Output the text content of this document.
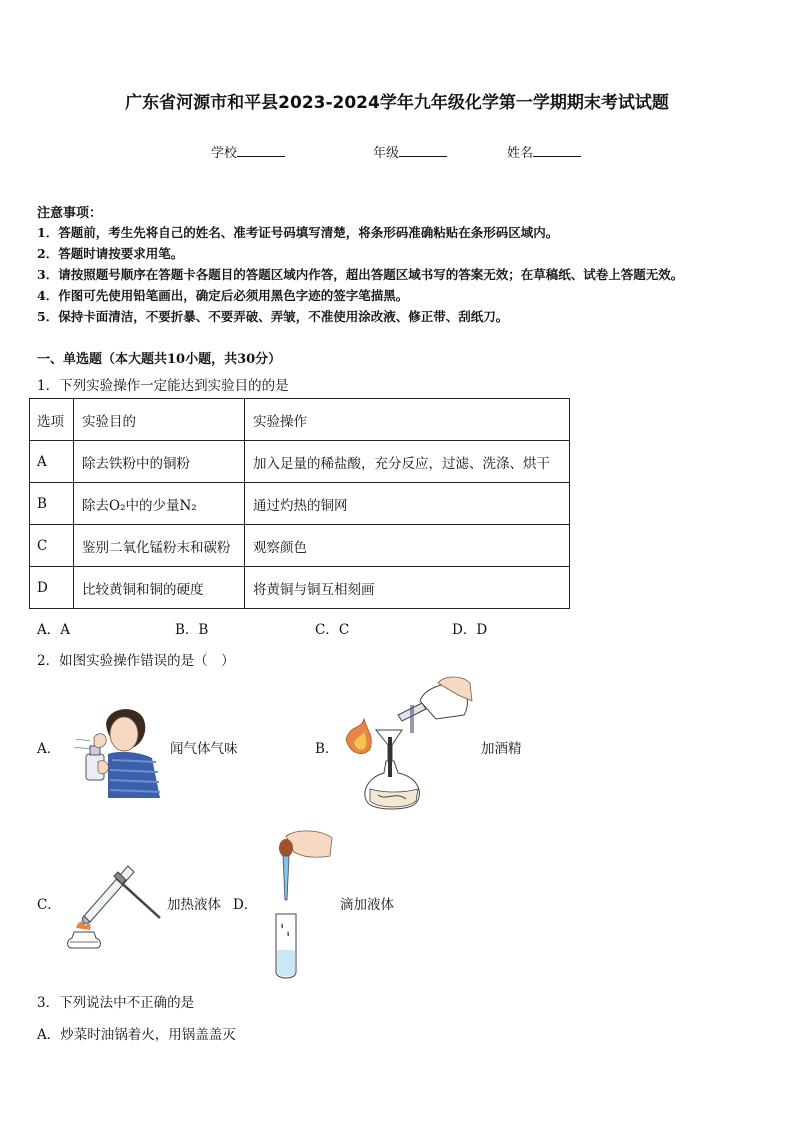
广东省河源市和平县2023-2024学年九年级化学第一学期期末考试试题
学校	年级	姓名
注意事项：
1．答题前，考生先将自己的姓名、准考证号码填写清楚，将条形码准确粘贴在条形码区域内。
2．答题时请按要求用笔。
3．请按照题号顺序在答题卡各题目的答题区域内作答，超出答题区域书写的答案无效；在草稿纸、试卷上答题无效。
4．作图可先使用铅笔画出，确定后必须用黑色字迹的签字笔描黑。
5．保持卡面清洁，不要折暴、不要弄破、弄皱，不准使用涂改液、修正带、刮纸刀。
一、单选题（本大题共10小题，共30分）
1．下列实验操作一定能达到实验目的的是
选项	实验目的	实验操作
A	除去铁粉中的铜粉	加入足量的稀盐酸，充分反应，过滤、洗涤、烘干
B	除去O₂中的少量N₂	通过灼热的铜网
C	鉴别二氧化锰粉末和碳粉	观察颜色
D	比较黄铜和铜的硬度	将黄铜与铜互相刻画
A．A	B．B	C．C	D．D
2．如图实验操作错误的是（　）
A．	闻气体气味	B．	加酒精
C．	加热液体 D．	滴加液体
3．下列说法中不正确的是
A．炒菜时油锅着火，用锅盖盖灭
